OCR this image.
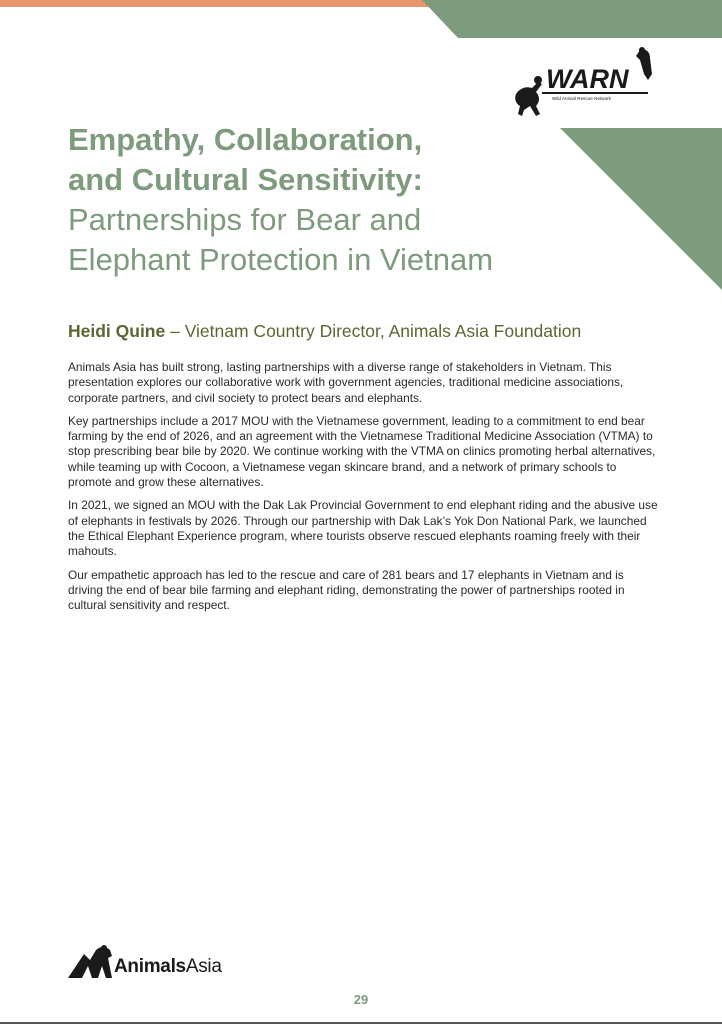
WARN
Wild Animal Rescue Network
Empathy, Collaboration,
and Cultural Sensitivity:
Partnerships for Bear and
Elephant Protection in Vietnam
Heidi Quine – Vietnam Country Director, Animals Asia Foundation

Animals Asia has built strong, lasting partnerships with a diverse range of stakeholders in Vietnam. This presentation explores our collaborative work with government agencies, traditional medicine associations, corporate partners, and civil society to protect bears and elephants.

Key partnerships include a 2017 MOU with the Vietnamese government, leading to a commitment to end bear farming by the end of 2026, and an agreement with the Vietnamese Traditional Medicine Association (VTMA) to stop prescribing bear bile by 2020. We continue working with the VTMA on clinics promoting herbal alternatives, while teaming up with Cocoon, a Vietnamese vegan skincare brand, and a network of primary schools to promote and grow these alternatives.

In 2021, we signed an MOU with the Dak Lak Provincial Government to end elephant riding and the abusive use of elephants in festivals by 2026. Through our partnership with Dak Lak’s Yok Don National Park, we launched the Ethical Elephant Experience program, where tourists observe rescued elephants roaming freely with their mahouts.

Our empathetic approach has led to the rescue and care of 281 bears and 17 elephants in Vietnam and is driving the end of bear bile farming and elephant riding, demonstrating the power of partnerships rooted in cultural sensitivity and respect.

AnimalsAsia
29
